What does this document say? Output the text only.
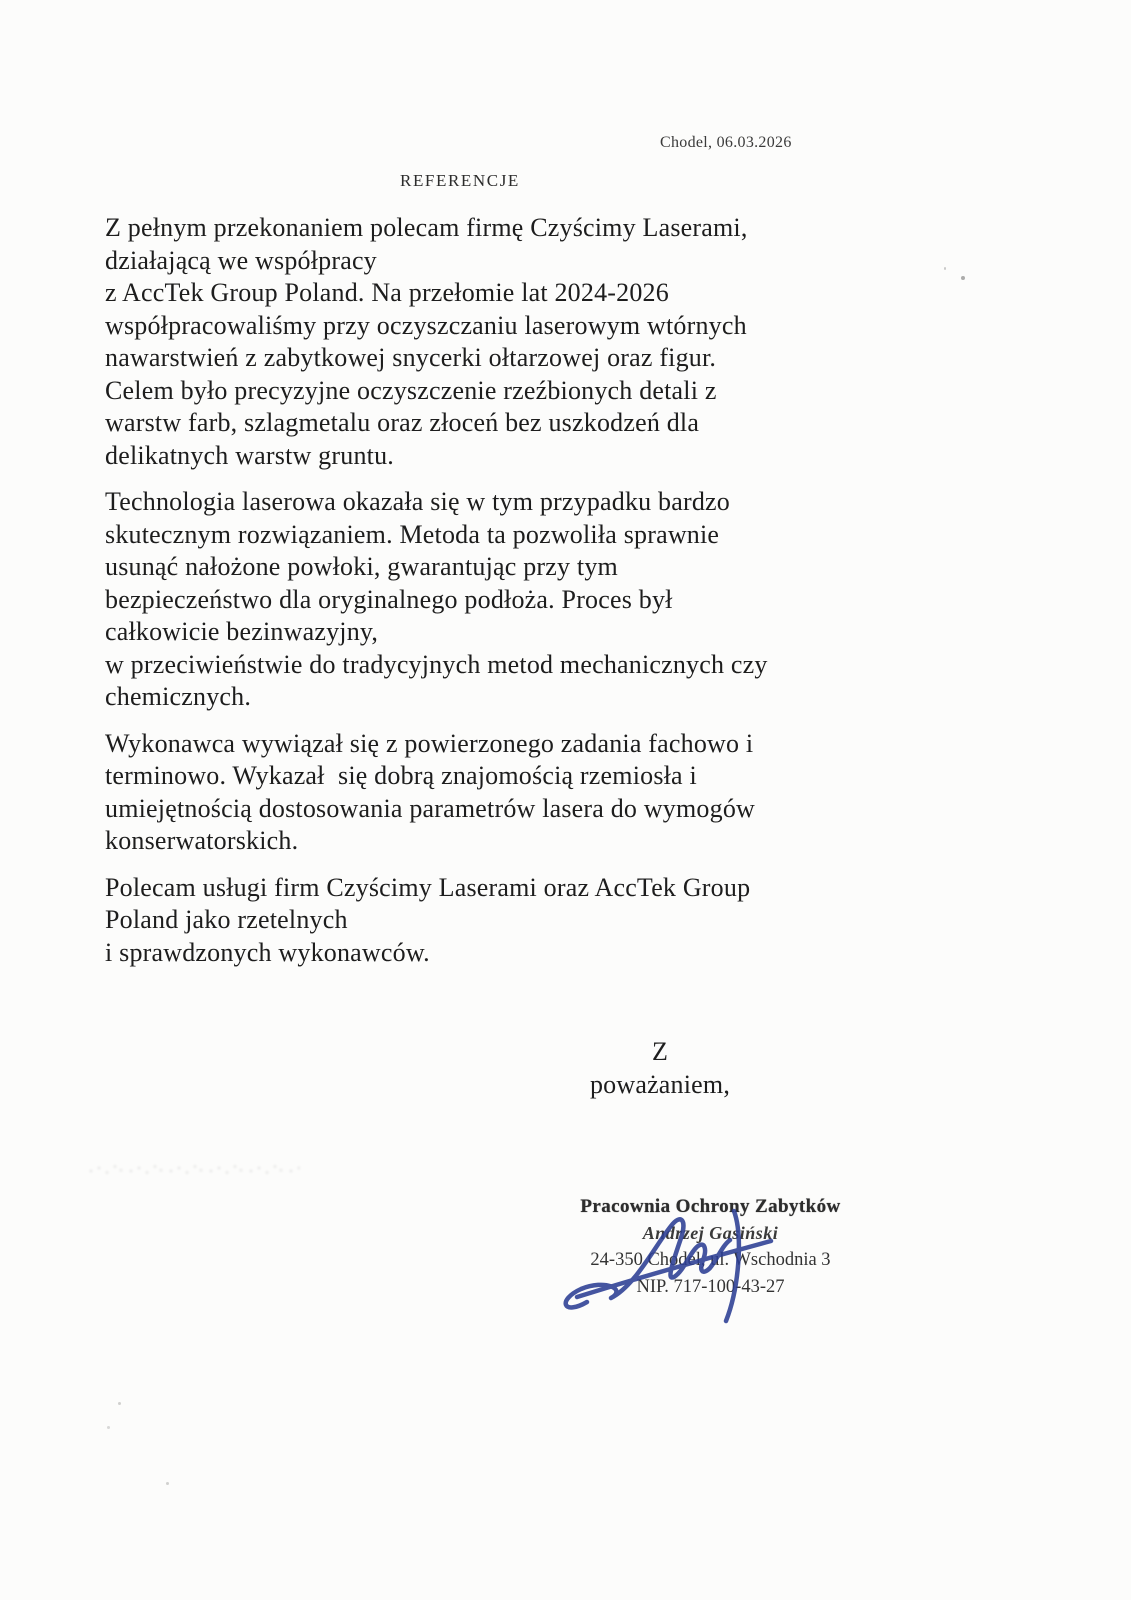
Chodel, 06.03.2026
REFERENCJE
Z pełnym przekonaniem polecam firmę Czyścimy Laserami,
działającą we współpracy
z AccTek Group Poland. Na przełomie lat 2024-2026
współpracowaliśmy przy oczyszczaniu laserowym wtórnych
nawarstwień z zabytkowej snycerki ołtarzowej oraz figur.
Celem było precyzyjne oczyszczenie rzeźbionych detali z
warstw farb, szlagmetalu oraz złoceń bez uszkodzeń dla
delikatnych warstw gruntu.
Technologia laserowa okazała się w tym przypadku bardzo
skutecznym rozwiązaniem. Metoda ta pozwoliła sprawnie
usunąć nałożone powłoki, gwarantując przy tym
bezpieczeństwo dla oryginalnego podłoża. Proces był
całkowicie bezinwazyjny,
w przeciwieństwie do tradycyjnych metod mechanicznych czy
chemicznych.
Wykonawca wywiązał się z powierzonego zadania fachowo i
terminowo. Wykazał  się dobrą znajomością rzemiosła i
umiejętnością dostosowania parametrów lasera do wymogów
konserwatorskich.
Polecam usługi firm Czyścimy Laserami oraz AccTek Group
Poland jako rzetelnych
i sprawdzonych wykonawców.
Z
poważaniem,
Pracownia Ochrony Zabytków
Andrzej Gasiński
24-350 Chodel, ul. Wschodnia 3
NIP. 717-100-43-27
